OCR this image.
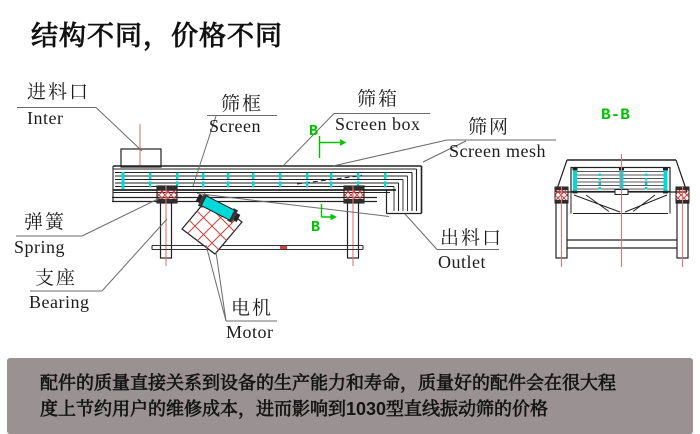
结构不同，价格不同
进料口
Inter
筛框
Screen
筛箱
Screen box	筛网
Screen mesh
弹簧
Spring
支座
Bearing	电机
Motor
出料口
Outlet
B-B
B
B
配件的质量直接关系到设备的生产能力和寿命，质量好的配件会在很大程
度上节约用户的维修成本，进而影响到1030型直线振动筛的价格
